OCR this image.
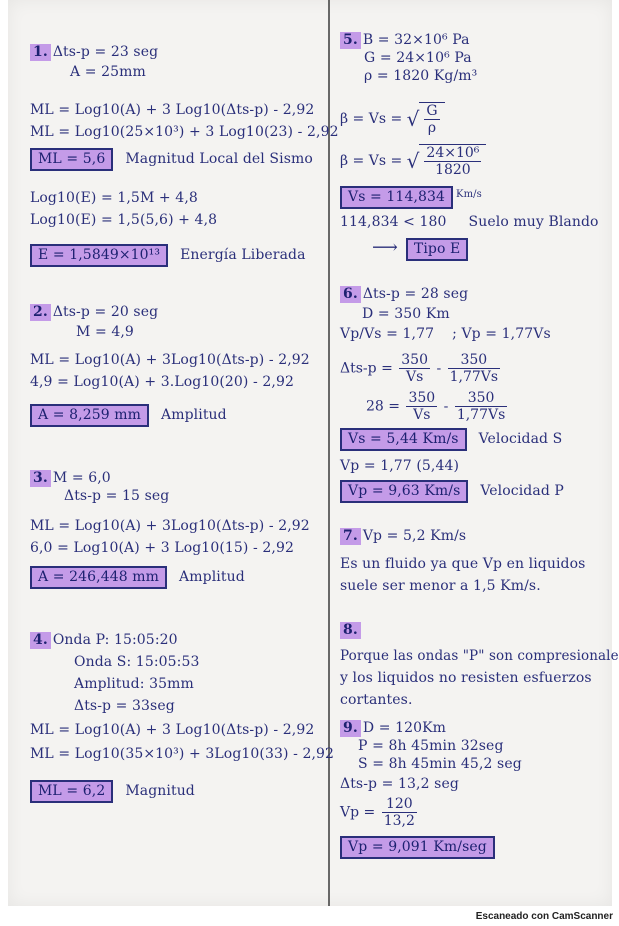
1. Δts-p = 23 seg
A = 25mm
ML = Log10(A) + 3 Log10(Δts-p) - 2,92
ML = Log10(25×10³) + 3 Log10(23) - 2,92
ML = 5,6 Magnitud Local del Sismo
Log10(E) = 1,5M + 4,8
Log10(E) = 1,5(5,6) + 4,8
E = 1,5849×10¹³ Energía Liberada
2. Δts-p = 20 seg
M = 4,9
ML = Log10(A) + 3Log10(Δts-p) - 2,92
4,9 = Log10(A) + 3.Log10(20) - 2,92
A = 8,259 mm Amplitud
3. M = 6,0
Δts-p = 15 seg
ML = Log10(A) + 3Log10(Δts-p) - 2,92
6,0 = Log10(A) + 3 Log10(15) - 2,92
A = 246,448 mm Amplitud
4. Onda P: 15:05:20
Onda S: 15:05:53
Amplitud: 35mm
Δts-p = 33seg
ML = Log10(A) + 3 Log10(Δts-p) - 2,92
ML = Log10(35×10³) + 3Log10(33) - 2,92
ML = 6,2 Magnitud
5. B = 32×10⁶ Pa
G = 24×10⁶ Pa
ρ = 1820 Kg/m³
β = Vs = √ $\frac{G}{\rho}$
β = Vs = √ $\frac{\text{24×10⁶}}{1820}$
Vs = 114,834 $^{Km/s}$
114,834 < 180 Suelo muy Blando
⟶ Tipo E
6. Δts-p = 28 seg
D = 350 Km
Vp/Vs = 1,77 ; Vp = 1,77Vs
$\Delta ts-p = \frac{350}{Vs} - \frac{350}{1,77Vs}$
$28 = \frac{350}{Vs} - \frac{350}{1,77Vs}$
Vs = 5,44 Km/s Velocidad S
Vp = 1,77 (5,44)
Vp = 9,63 Km/s Velocidad P
7. Vp = 5,2 Km/s
Es un fluido ya que Vp en liquidos
suele ser menor a 1,5 Km/s.
8.
Porque las ondas "P" son compresionale
y los liquidos no resisten esfuerzos
cortantes.
9. D = 120Km
P = 8h 45min 32seg
S = 8h 45min 45,2 seg
Δts-p = 13,2 seg
$Vp = \frac{120}{13,2}$
Vp = 9,091 Km/seg
Escaneado con CamScanner
